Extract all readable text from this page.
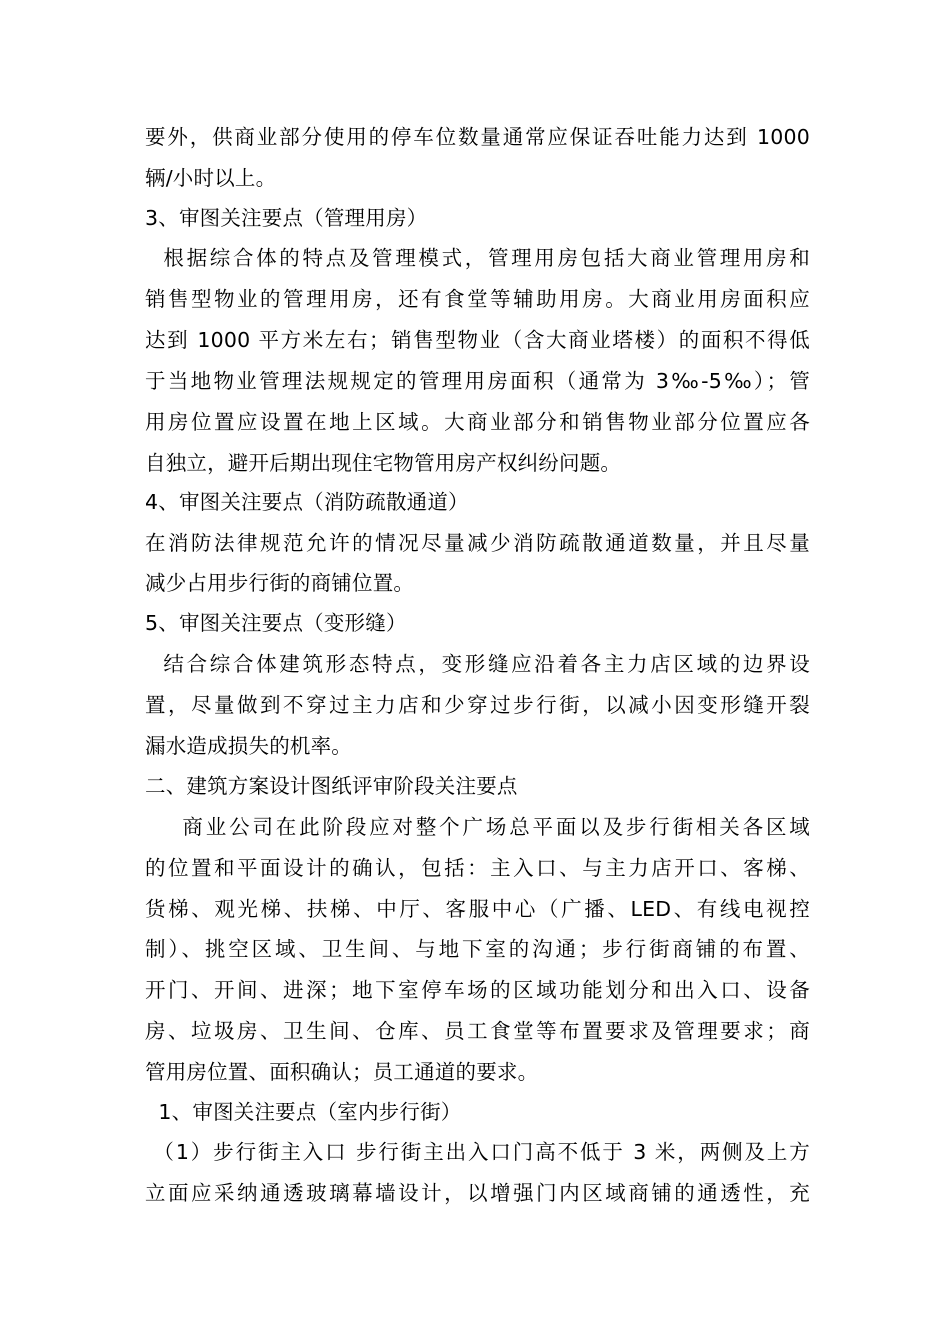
要外，供商业部分使用的停车位数量通常应保证吞吐能力达到 1000
辆/小时以上。
3、审图关注要点（管理用房）
根据综合体的特点及管理模式，管理用房包括大商业管理用房和
销售型物业的管理用房，还有食堂等辅助用房。大商业用房面积应
达到 1000 平方米左右；销售型物业（含大商业塔楼）的面积不得低
于当地物业管理法规规定的管理用房面积（通常为 3‰-5‰）；管
用房位置应设置在地上区域。大商业部分和销售物业部分位置应各
自独立，避开后期出现住宅物管用房产权纠纷问题。
4、审图关注要点（消防疏散通道）
在消防法律规范允许的情况尽量减少消防疏散通道数量，并且尽量
减少占用步行街的商铺位置。
5、审图关注要点（变形缝）
结合综合体建筑形态特点，变形缝应沿着各主力店区域的边界设
置，尽量做到不穿过主力店和少穿过步行街，以减小因变形缝开裂
漏水造成损失的机率。
二、建筑方案设计图纸评审阶段关注要点
商业公司在此阶段应对整个广场总平面以及步行街相关各区域
的位置和平面设计的确认，包括：主入口、与主力店开口、客梯、
货梯、观光梯、扶梯、中厅、客服中心（广播、LED、有线电视控
制）、挑空区域、卫生间、与地下室的沟通；步行街商铺的布置、
开门、开间、进深；地下室停车场的区域功能划分和出入口、设备
房、垃圾房、卫生间、仓库、员工食堂等布置要求及管理要求；商
管用房位置、面积确认；员工通道的要求。
1、审图关注要点（室内步行街）
（1）步行街主入口 步行街主出入口门高不低于 3 米，两侧及上方
立面应采纳通透玻璃幕墙设计，以增强门内区域商铺的通透性，充
